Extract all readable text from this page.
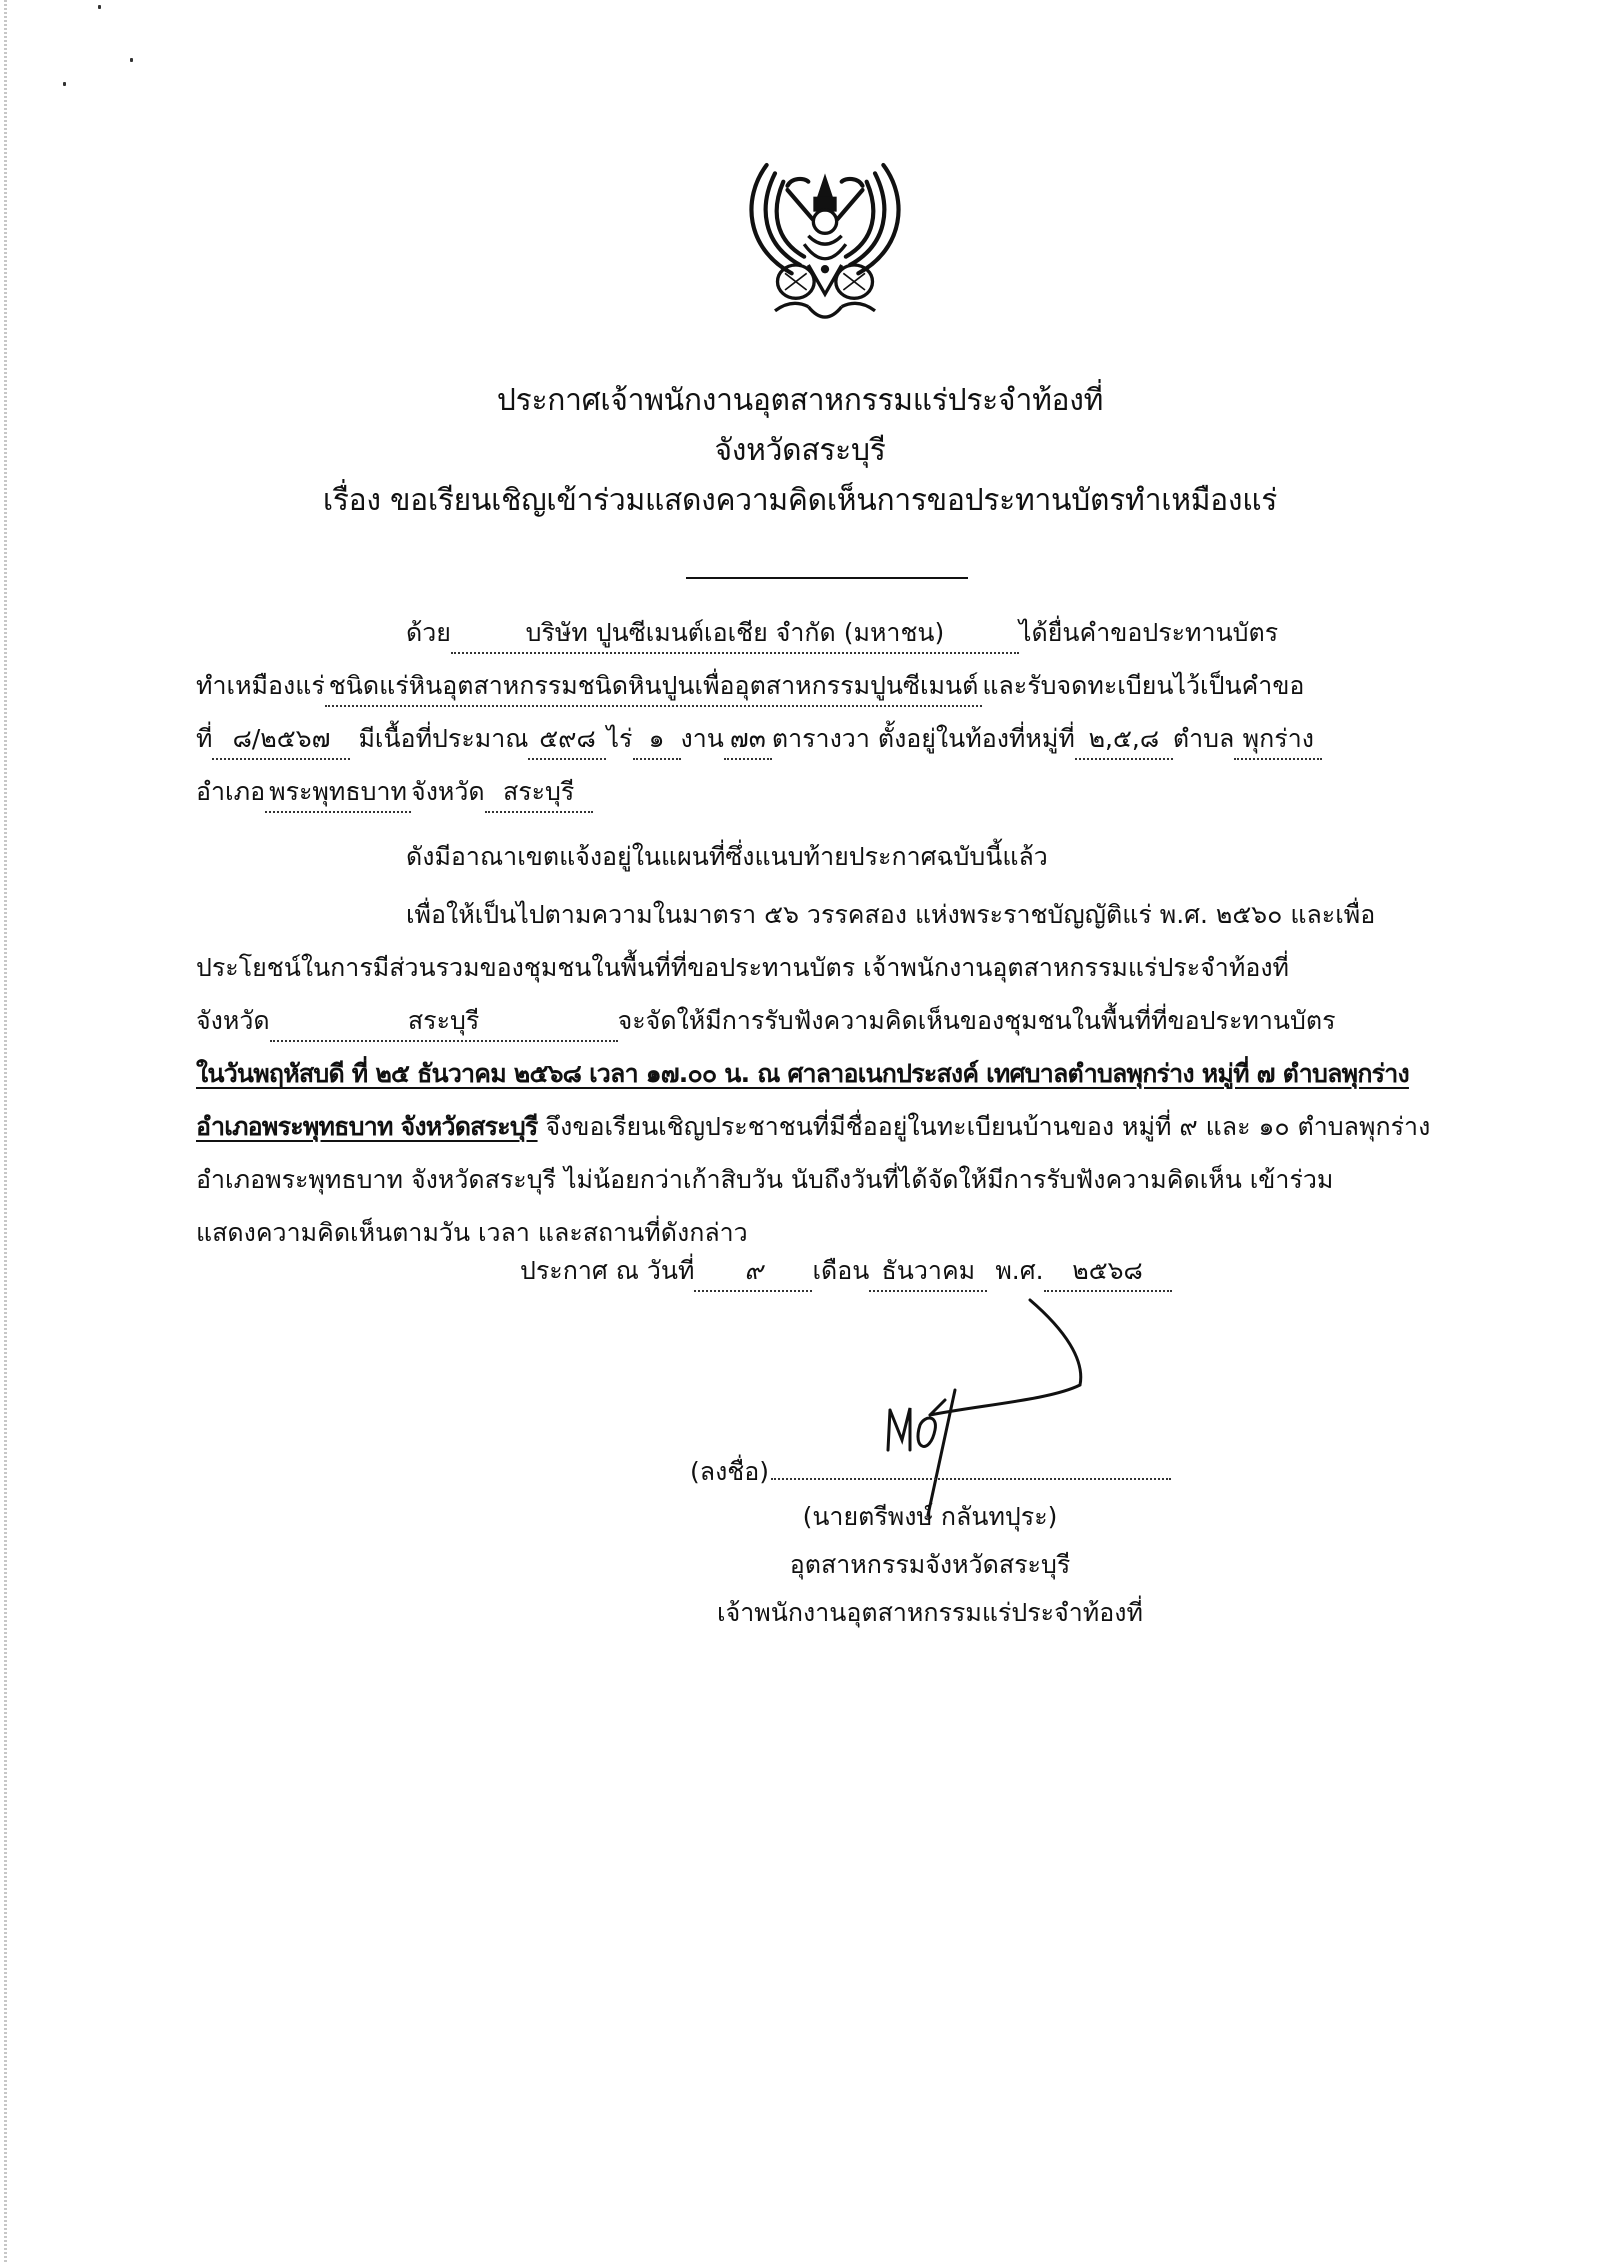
ประกาศเจ้าพนักงานอุตสาหกรรมแร่ประจำท้องที่
จังหวัดสระบุรี
เรื่อง ขอเรียนเชิญเข้าร่วมแสดงความคิดเห็นการขอประทานบัตรทำเหมืองแร่
ด้วย	บริษัท ปูนซีเมนต์เอเชีย จำกัด (มหาชน)	ได้ยื่นคำขอประทานบัตร
ทำเหมืองแร่ ชนิดแร่หินอุตสาหกรรมชนิดหินปูนเพื่ออุตสาหกรรมปูนซีเมนต์ และรับจดทะเบียนไว้เป็นคำขอ
ที่ ๘/๒๕๖๗ มีเนื้อที่ประมาณ ๕๙๘ ไร่ ๑ งาน ๗๓ ตารางวา ตั้งอยู่ในท้องที่หมู่ที่ ๒,๕,๘ ตำบล พุกร่าง
อำเภอ พระพุทธบาท จังหวัด สระบุรี
ดังมีอาณาเขตแจ้งอยู่ในแผนที่ซึ่งแนบท้ายประกาศฉบับนี้แล้ว
เพื่อให้เป็นไปตามความในมาตรา ๕๖ วรรคสอง แห่งพระราชบัญญัติแร่ พ.ศ. ๒๕๖๐ และเพื่อ
ประโยชน์ในการมีส่วนรวมของชุมชนในพื้นที่ที่ขอประทานบัตร เจ้าพนักงานอุตสาหกรรมแร่ประจำท้องที่
จังหวัด	สระบุรี	จะจัดให้มีการรับฟังความคิดเห็นของชุมชนในพื้นที่ที่ขอประทานบัตร
ในวันพฤหัสบดี ที่ ๒๕ ธันวาคม ๒๕๖๘ เวลา ๑๗.๐๐ น. ณ ศาลาอเนกประสงค์ เทศบาลตำบลพุกร่าง หมู่ที่ ๗ ตำบลพุกร่าง
อำเภอพระพุทธบาท จังหวัดสระบุรี จึงขอเรียนเชิญประชาชนที่มีชื่ออยู่ในทะเบียนบ้านของ หมู่ที่ ๙ และ ๑๐ ตำบลพุกร่าง
อำเภอพระพุทธบาท จังหวัดสระบุรี ไม่น้อยกว่าเก้าสิบวัน นับถึงวันที่ได้จัดให้มีการรับฟังความคิดเห็น เข้าร่วม
แสดงความคิดเห็นตามวัน เวลา และสถานที่ดังกล่าว
ประกาศ ณ วันที่ ๙ เดือน ธันวาคม พ.ศ. ๒๕๖๘
(ลงชื่อ)
(นายตรีพงษ์ กลันทปุระ)
อุตสาหกรรมจังหวัดสระบุรี
เจ้าพนักงานอุตสาหกรรมแร่ประจำท้องที่
